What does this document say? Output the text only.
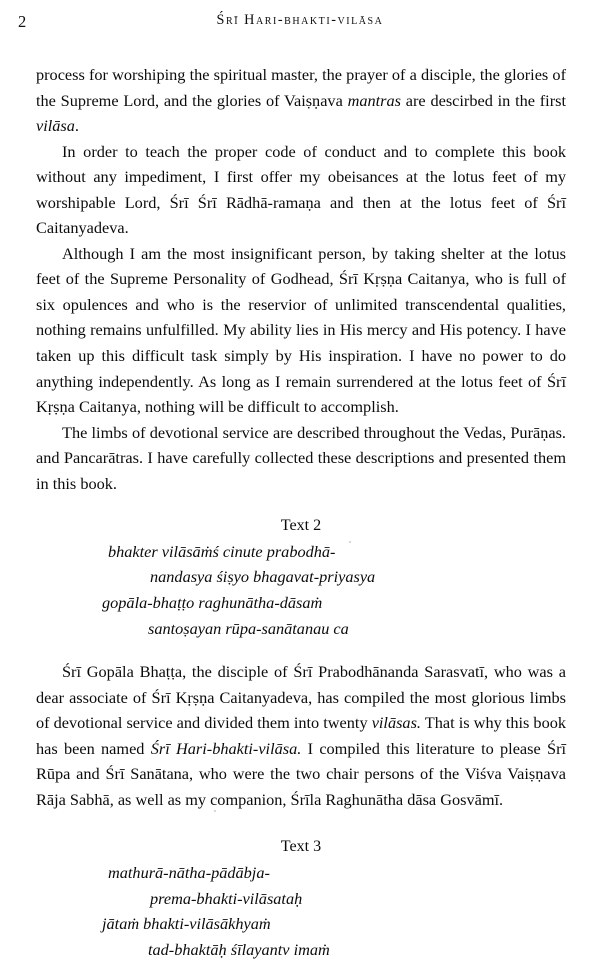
Śrī Hari-bhakti-vilāsa
2

process for worshiping the spiritual master, the prayer of a disciple, the glories of the Supreme Lord, and the glories of Vaiṣṇava mantras are descirbed in the first vilāsa.

In order to teach the proper code of conduct and to complete this book without any impediment, I first offer my obeisances at the lotus feet of my worshipable Lord, Śrī Śrī Rādhā-ramaṇa and then at the lotus feet of Śrī Caitanyadeva.

Although I am the most insignificant person, by taking shelter at the lotus feet of the Supreme Personality of Godhead, Śrī Kṛṣṇa Caitanya, who is full of six opulences and who is the reservior of unlimited transcendental qualities, nothing remains unfulfilled. My ability lies in His mercy and His potency. I have taken up this difficult task simply by His inspiration. I have no power to do anything independently. As long as I remain surrendered at the lotus feet of Śrī Kṛṣṇa Caitanya, nothing will be difficult to accomplish.

The limbs of devotional service are described throughout the Vedas, Purāṇas. and Pancarātras. I have carefully collected these descriptions and presented them in this book.

Text 2
bhakter vilāsāṁś cinute prabodhā-
nandasya śiṣyo bhagavat-priyasya
gopāla-bhaṭṭo raghunātha-dāsaṁ
santoṣayan rūpa-sanātanau ca

Śrī Gopāla Bhaṭṭa, the disciple of Śrī Prabodhānanda Sarasvatī, who was a dear associate of Śrī Kṛṣṇa Caitanyadeva, has compiled the most glorious limbs of devotional service and divided them into twenty vilāsas. That is why this book has been named Śrī Hari-bhakti-vilāsa. I compiled this literature to please Śrī Rūpa and Śrī Sanātana, who were the two chair persons of the Viśva Vaiṣṇava Rāja Sabhā, as well as my companion, Śrīla Raghunātha dāsa Gosvāmī.

Text 3
mathurā-nātha-pādābja-
prema-bhakti-vilāsataḥ
jātaṁ bhakti-vilāsākhyaṁ
tad-bhaktāḥ śīlayantv imaṁ
